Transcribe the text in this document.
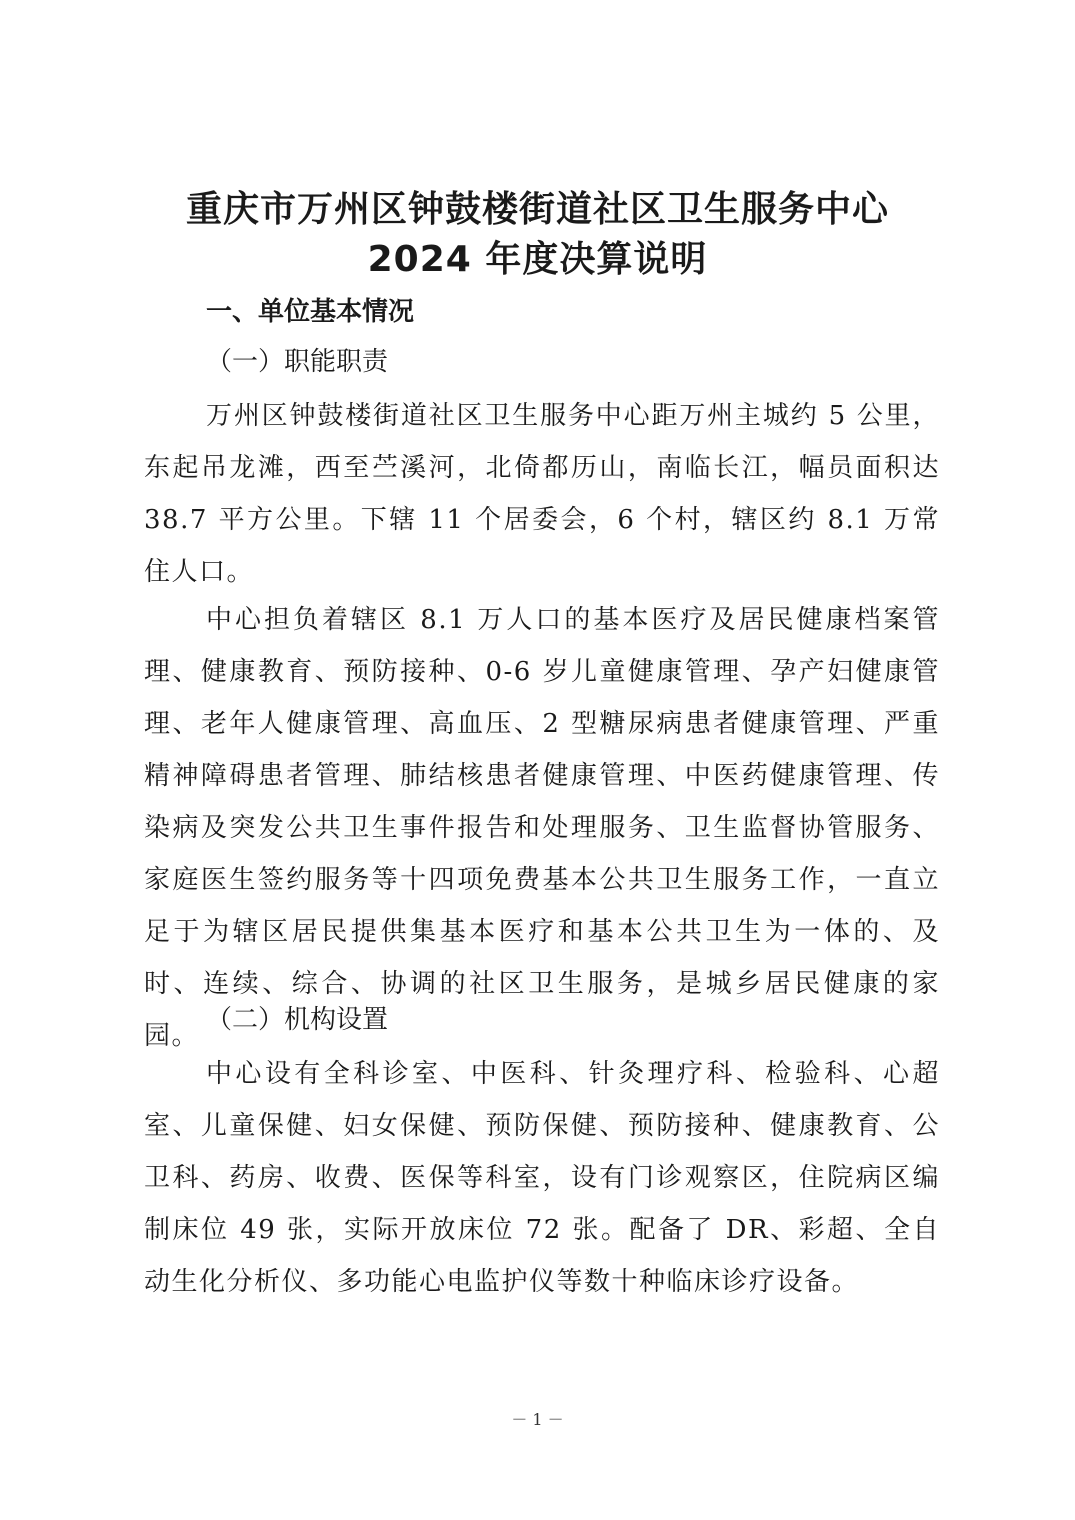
重庆市万州区钟鼓楼街道社区卫生服务中心
2024 年度决算说明
一、单位基本情况
（一）职能职责

万州区钟鼓楼街道社区卫生服务中心距万州主城约 5 公里，东起吊龙滩，西至苎溪河，北倚都历山，南临长江，幅员面积达 38.7 平方公里。下辖 11 个居委会，6 个村，辖区约 8.1 万常住人口。

中心担负着辖区 8.1 万人口的基本医疗及居民健康档案管理、健康教育、预防接种、0-6 岁儿童健康管理、孕产妇健康管理、老年人健康管理、高血压、2 型糖尿病患者健康管理、严重精神障碍患者管理、肺结核患者健康管理、中医药健康管理、传染病及突发公共卫生事件报告和处理服务、卫生监督协管服务、家庭医生签约服务等十四项免费基本公共卫生服务工作，一直立足于为辖区居民提供集基本医疗和基本公共卫生为一体的、及时、连续、综合、协调的社区卫生服务，是城乡居民健康的家园。

（二）机构设置

中心设有全科诊室、中医科、针灸理疗科、检验科、心超室、儿童保健、妇女保健、预防保健、预防接种、健康教育、公卫科、药房、收费、医保等科室，设有门诊观察区，住院病区编制床位 49 张，实际开放床位 72 张。配备了 DR、彩超、全自动生化分析仪、多功能心电监护仪等数十种临床诊疗设备。

－ 1 －
